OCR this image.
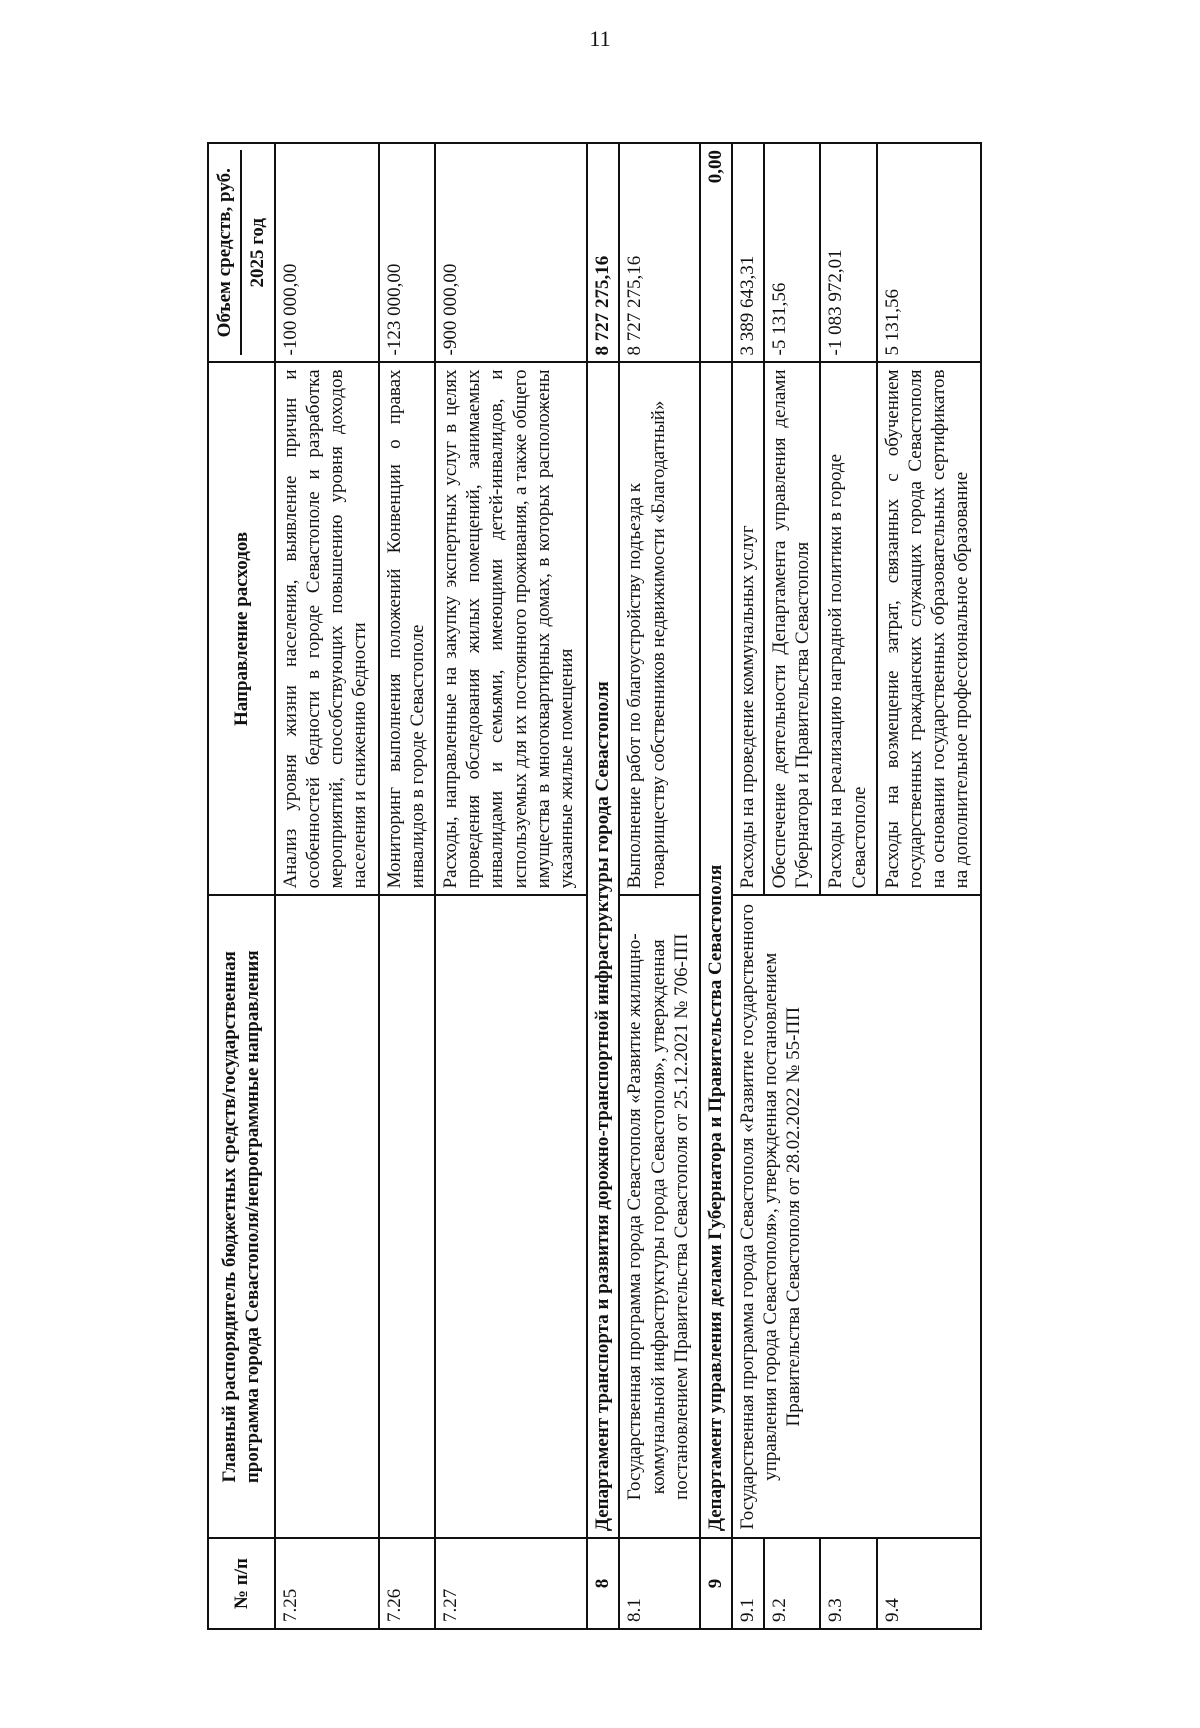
11
№ п/п	Главный распорядитель бюджетных средств/государственная программа города Севастополя/непрограммные направления	Направление расходов	Объем средств, руб. 2025 год

7.25		Анализ уровня жизни населения, выявление причин и особенностей бедности в городе Севастополе и разработка мероприятий, способствующих повышению уровня доходов населения и снижению бедности	-100 000,00
7.26		Мониторинг выполнения положений Конвенции о правах инвалидов в городе Севастополе	-123 000,00
7.27		Расходы, направленные на закупку экспертных услуг в целях проведения обследования жилых помещений, занимаемых инвалидами и семьями, имеющими детей-инвалидов, и используемых для их постоянного проживания, а также общего имущества в многоквартирных домах, в которых расположены указанные жилые помещения	-900 000,00
8	Департамент транспорта и развития дорожно-транспортной инфраструктуры города Севастополя		8 727 275,16
8.1	Государственная программа города Севастополя «Развитие жилищно-коммунальной инфраструктуры города Севастополя», утвержденная постановлением Правительства Севастополя от 25.12.2021 № 706-ПП	Выполнение работ по благоустройству подъезда к товариществу собственников недвижимости «Благодатный»	8 727 275,16
9	Департамент управления делами Губернатора и Правительства Севастополя		0,00
9.1	Государственная программа города Севастополя «Развитие государственного управления города Севастополя», утвержденная постановлением Правительства Севастополя от 28.02.2022 № 55-ПП	Расходы на проведение коммунальных услуг	3 389 643,31
9.2		Обеспечение деятельности Департамента управления делами Губернатора и Правительства Севастополя	-5 131,56
9.3		Расходы на реализацию наградной политики в городе Севастополе	-1 083 972,01
9.4		Расходы на возмещение затрат, связанных с обучением государственных гражданских служащих города Севастополя на основании государственных образовательных сертификатов на дополнительное профессиональное образование	5 131,56
